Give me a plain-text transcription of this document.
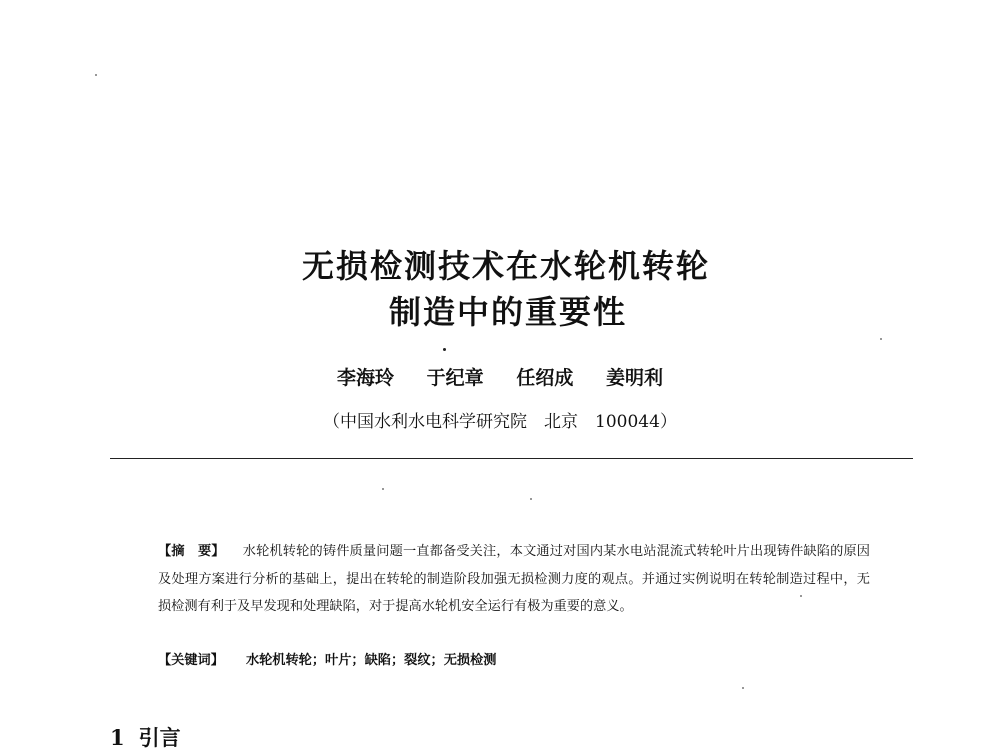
无损检测技术在水轮机转轮
制造中的重要性
李海玲 于纪章 任绍成 姜明利
（中国水利水电科学研究院　北京　100044）
【摘　要】 水轮机转轮的铸件质量问题一直都备受关注，本文通过对国内某水电站混流式转轮叶片出现铸件缺陷的原因及处理方案进行分析的基础上，提出在转轮的制造阶段加强无损检测力度的观点。并通过实例说明在转轮制造过程中，无损检测有利于及早发现和处理缺陷，对于提高水轮机安全运行有极为重要的意义。
【关键词】 水轮机转轮；叶片；缺陷；裂纹；无损检测
1 引言
